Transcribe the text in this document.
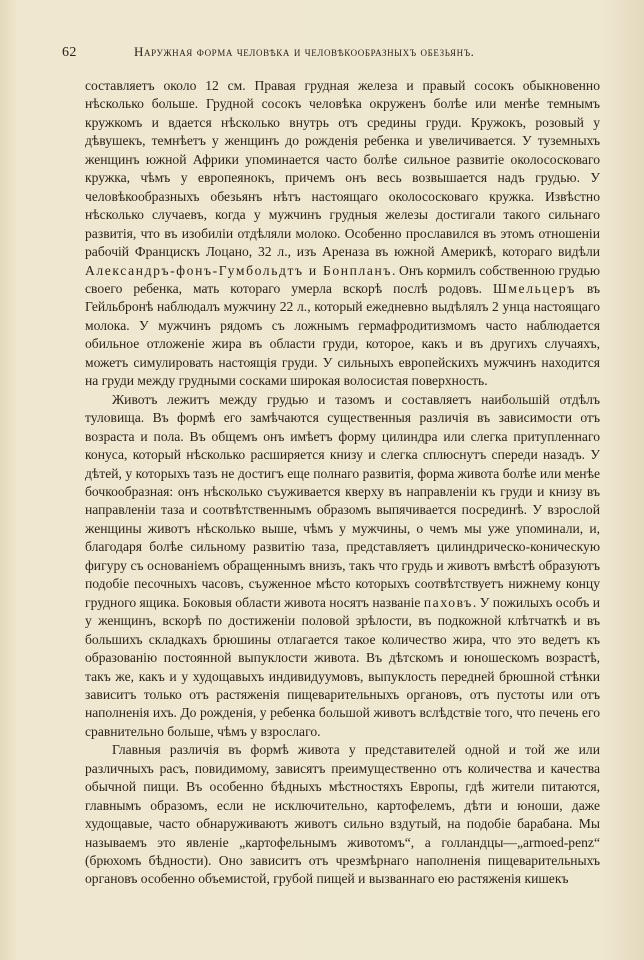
62	Наружная форма человѣка и человѣкообразныхъ обезьянъ.

составляетъ около 12 см. Правая грудная железа и правый сосокъ обыкновенно нѣсколько больше. Грудной сосокъ человѣка окруженъ болѣе или менѣе темнымъ кружкомъ и вдается нѣсколько внутрь отъ средины груди. Кружокъ, розовый у дѣвушекъ, темнѣетъ у женщинъ до рожденія ребенка и увеличивается. У туземныхъ женщинъ южной Африки упоминается часто болѣе сильное развитіе околососковаго кружка, чѣмъ у европеянокъ, причемъ онъ весь возвышается надъ грудью. У человѣкообразныхъ обезьянъ нѣтъ настоящаго околососковаго кружка. Извѣстно нѣсколько случаевъ, когда у мужчинъ грудныя железы достигали такого сильнаго развитія, что въ изобиліи отдѣляли молоко. Особенно прославился въ этомъ отношеніи рабочій Францискъ Лоцано, 32 л., изъ Ареназа въ южной Америкѣ, котораго видѣли Александръ-фонъ-Гумбольдтъ и Бонпланъ. Онъ кормилъ собственною грудью своего ребенка, мать котораго умерла вскорѣ послѣ родовъ. Шмельцеръ въ Гейльбронѣ наблюдалъ мужчину 22 л., который ежедневно выдѣлялъ 2 унца настоящаго молока. У мужчинъ рядомъ съ ложнымъ гермафродитизмомъ часто наблюдается обильное отложеніе жира въ области груди, которое, какъ и въ другихъ случаяхъ, можетъ симулировать настоящія груди. У сильныхъ европейскихъ мужчинъ находится на груди между грудными сосками широкая волосистая поверхность.

Животъ лежитъ между грудью и тазомъ и составляетъ наибольшій отдѣлъ туловища. Въ формѣ его замѣчаются существенныя различія въ зависимости отъ возраста и пола. Въ общемъ онъ имѣетъ форму цилиндра или слегка притупленнаго конуса, который нѣсколько расширяется книзу и слегка сплюснутъ спереди назадъ. У дѣтей, у которыхъ тазъ не достигъ еще полнаго развитія, форма живота болѣе или менѣе бочкообразная: онъ нѣсколько съуживается кверху въ направленіи къ груди и книзу въ направленіи таза и соотвѣтственнымъ образомъ выпячивается посрединѣ. У взрослой женщины животъ нѣсколько выше, чѣмъ у мужчины, о чемъ мы уже упоминали, и, благодаря болѣе сильному развитію таза, представляетъ цилиндрическо-коническую фигуру съ основаніемъ обращеннымъ внизъ, такъ что грудь и животъ вмѣстѣ образуютъ подобіе песочныхъ часовъ, съуженное мѣсто которыхъ соотвѣтствуетъ нижнему концу грудного ящика. Боковыя области живота носятъ названіе паховъ. У пожилыхъ особъ и у женщинъ, вскорѣ по достиженіи половой зрѣлости, въ подкожной клѣтчаткѣ и въ большихъ складкахъ брюшины отлагается такое количество жира, что это ведетъ къ образованію постоянной выпуклости живота. Въ дѣтскомъ и юношескомъ возрастѣ, такъ же, какъ и у худощавыхъ индивидуумовъ, выпуклость передней брюшной стѣнки зависитъ только отъ растяженія пищеварительныхъ органовъ, отъ пустоты или отъ наполненія ихъ. До рожденія, у ребенка большой животъ вслѣдствіе того, что печень его сравнительно больше, чѣмъ у взрослаго.

Главныя различія въ формѣ живота у представителей одной и той же или различныхъ расъ, повидимому, зависятъ преимущественно отъ количества и качества обычной пищи. Въ особенно бѣдныхъ мѣстностяхъ Европы, гдѣ жители питаются, главнымъ образомъ, если не исключительно, картофелемъ, дѣти и юноши, даже худощавые, часто обнаруживаютъ животъ сильно вздутый, на подобіе барабана. Мы называемъ это явленіе „картофельнымъ животомъ“, а голландцы—„armoed-penz“ (брюхомъ бѣдности). Оно зависитъ отъ чрезмѣрнаго наполненія пищеварительныхъ органовъ особенно объемистой, грубой пищей и вызваннаго ею растяженія кишекъ
